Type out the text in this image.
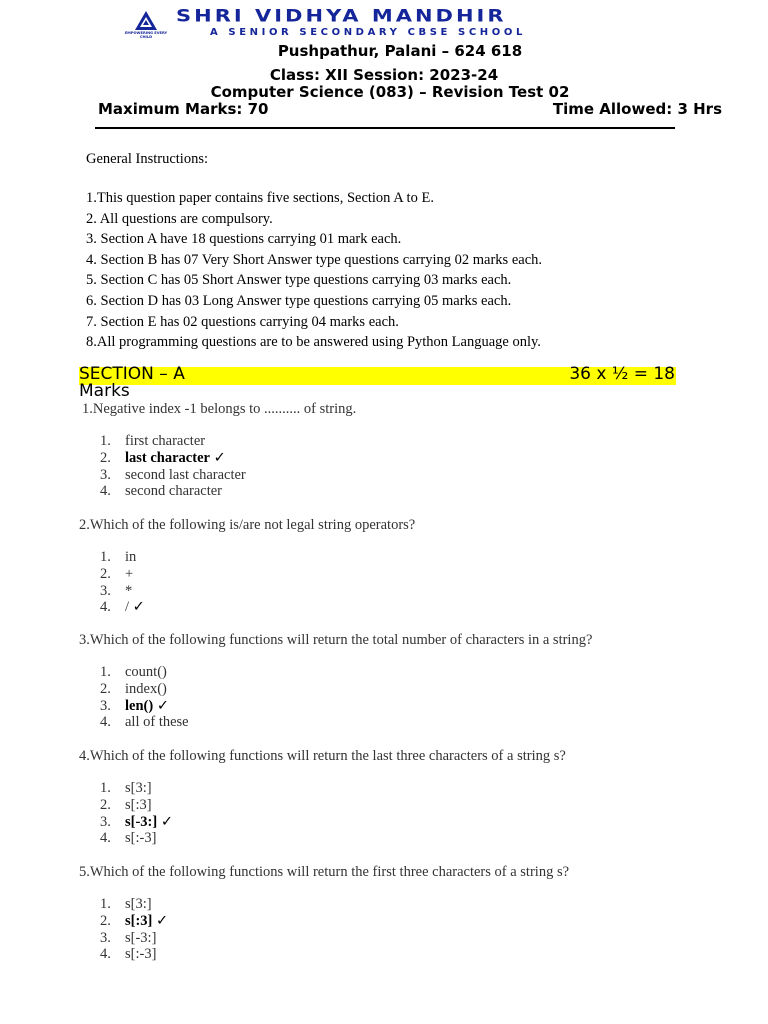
EMPOWERING EVERY CHILD
SHRI VIDHYA MANDHIR
A SENIOR SECONDARY CBSE SCHOOL
Pushpathur, Palani – 624 618
Class: XII Session: 2023-24
Computer Science (083) – Revision Test 02
Maximum Marks: 70	Time Allowed: 3 Hrs
General Instructions:
1.This question paper contains five sections, Section A to E.
2. All questions are compulsory.
3. Section A have 18 questions carrying 01 mark each.
4. Section B has 07 Very Short Answer type questions carrying 02 marks each.
5. Section C has 05 Short Answer type questions carrying 03 marks each.
6. Section D has 03 Long Answer type questions carrying 05 marks each.
7. Section E has 02 questions carrying 04 marks each.
8.All programming questions are to be answered using Python Language only.
SECTION – A	36 x ½ = 18
Marks
1.Negative index -1 belongs to .......... of string.
1. first character
2. last character ✓
3. second last character
4. second character
2.Which of the following is/are not legal string operators?
1. in
2. +
3. *
4. / ✓
3.Which of the following functions will return the total number of characters in a string?
1. count()
2. index()
3. len() ✓
4. all of these
4.Which of the following functions will return the last three characters of a string s?
1. s[3:]
2. s[:3]
3. s[-3:] ✓
4. s[:-3]
5.Which of the following functions will return the first three characters of a string s?
1. s[3:]
2. s[:3] ✓
3. s[-3:]
4. s[:-3]
